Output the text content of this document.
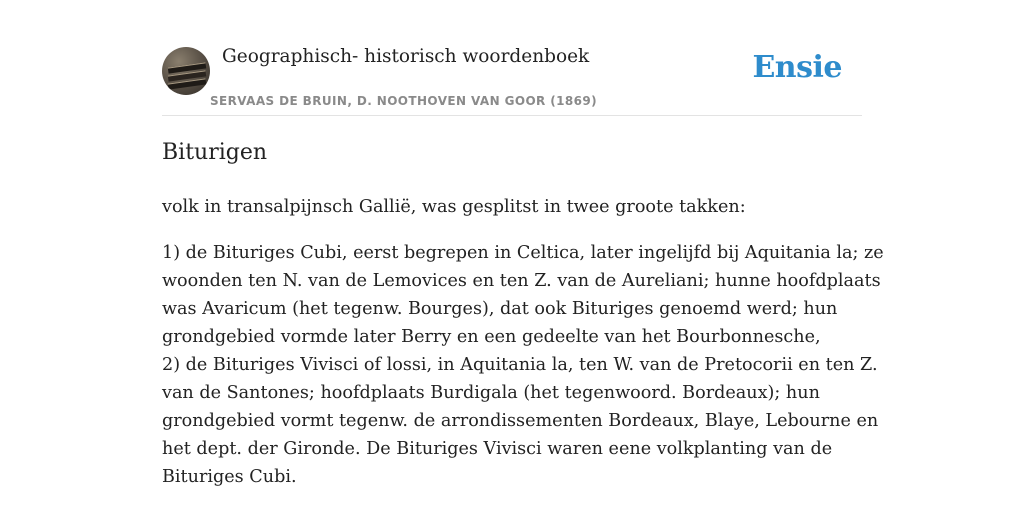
Geographisch- historisch woordenboek
SERVAAS DE BRUIN, D. NOOTHOVEN VAN GOOR (1869)
Ensie
Biturigen

volk in transalpijnsch Gallië, was gesplitst in twee groote takken:

1) de Bituriges Cubi, eerst begrepen in Celtica, later ingelijfd bij Aquitania la; ze
woonden ten N. van de Lemovices en ten Z. van de Aureliani; hunne hoofdplaats
was Avaricum (het tegenw. Bourges), dat ook Bituriges genoemd werd; hun
grondgebied vormde later Berry en een gedeelte van het Bourbonnesche,
2) de Bituriges Vivisci of lossi, in Aquitania la, ten W. van de Pretocorii en ten Z.
van de Santones; hoofdplaats Burdigala (het tegenwoord. Bordeaux); hun
grondgebied vormt tegenw. de arrondissementen Bordeaux, Blaye, Lebourne en
het dept. der Gironde. De Bituriges Vivisci waren eene volkplanting van de
Bituriges Cubi.
